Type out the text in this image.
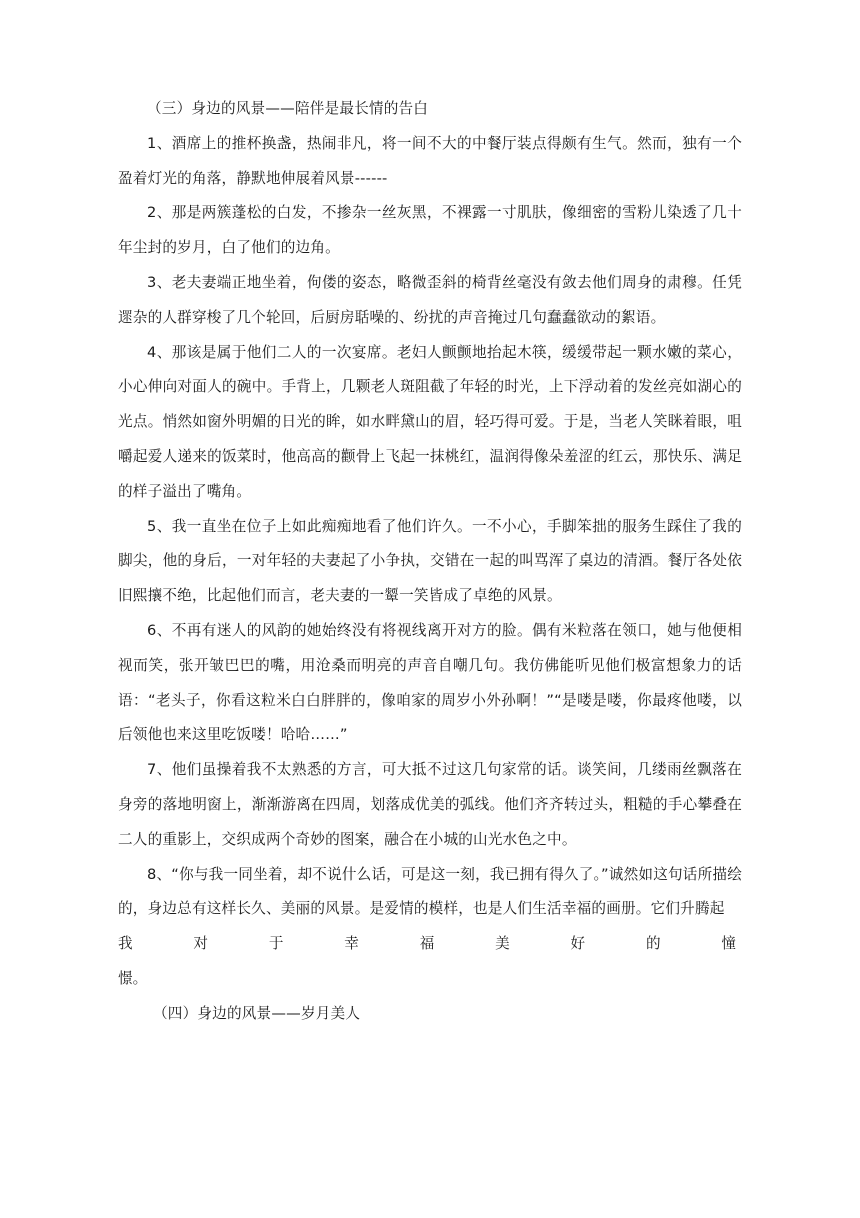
（三）身边的风景——陪伴是最长情的告白

1、酒席上的推杯换盏，热闹非凡，将一间不大的中餐厅装点得颇有生气。然而，独有一个盈着灯光的角落，静默地伸展着风景------

2、那是两簇蓬松的白发，不掺杂一丝灰黑，不裸露一寸肌肤，像细密的雪粉儿染透了几十年尘封的岁月，白了他们的边角。

3、老夫妻端正地坐着，佝偻的姿态，略微歪斜的椅背丝毫没有敛去他们周身的肃穆。任凭遝杂的人群穿梭了几个轮回，后厨房聒噪的、纷扰的声音掩过几句蠢蠢欲动的絮语。

4、那该是属于他们二人的一次宴席。老妇人颤颤地抬起木筷，缓缓带起一颗水嫩的菜心，小心伸向对面人的碗中。手背上，几颗老人斑阻截了年轻的时光，上下浮动着的发丝亮如湖心的光点。悄然如窗外明媚的日光的眸，如水畔黛山的眉，轻巧得可爱。于是，当老人笑眯着眼，咀嚼起爱人递来的饭菜时，他高高的颧骨上飞起一抹桃红，温润得像朵羞涩的红云，那快乐、满足的样子溢出了嘴角。

5、我一直坐在位子上如此痴痴地看了他们许久。一不小心，手脚笨拙的服务生踩住了我的脚尖，他的身后，一对年轻的夫妻起了小争执，交错在一起的叫骂浑了桌边的清酒。餐厅各处依旧熙攘不绝，比起他们而言，老夫妻的一颦一笑皆成了卓绝的风景。

6、不再有迷人的风韵的她始终没有将视线离开对方的脸。偶有米粒落在领口，她与他便相视而笑，张开皱巴巴的嘴，用沧桑而明亮的声音自嘲几句。我仿佛能听见他们极富想象力的话语：“老头子，你看这粒米白白胖胖的，像咱家的周岁小外孙啊！”“是喽是喽，你最疼他喽，以后领他也来这里吃饭喽！哈哈……”

7、他们虽操着我不太熟悉的方言，可大抵不过这几句家常的话。谈笑间，几缕雨丝飘落在身旁的落地明窗上，渐渐游离在四周，划落成优美的弧线。他们齐齐转过头，粗糙的手心攀叠在二人的重影上，交织成两个奇妙的图案，融合在小城的山光水色之中。

8、“你与我一同坐着，却不说什么话，可是这一刻，我已拥有得久了。”诚然如这句话所描绘的，身边总有这样长久、美丽的风景。是爱情的模样，也是人们生活幸福的画册。它们升腾起

我	对	于	幸	福	美	好	的	憧

憬。

（四）身边的风景——岁月美人
